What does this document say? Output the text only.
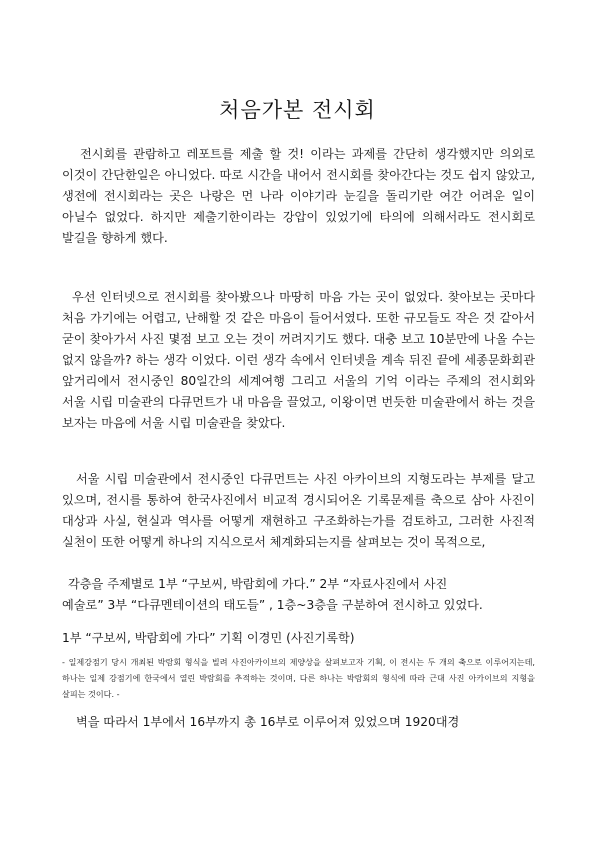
처음가본 전시회
전시회를 관람하고 레포트를 제출 할 것! 이라는 과제를 간단히 생각했지만 의외로 이것이 간단한일은 아니었다. 따로 시간을 내어서 전시회를 찾아간다는 것도 쉽지 않았고, 생전에 전시회라는 곳은 나랑은 먼 나라 이야기라 눈길을 돌리기란 여간 어려운 일이 아닐수 없었다. 하지만 제출기한이라는 강압이 있었기에 타의에 의해서라도 전시회로 발길을 향하게 했다.
우선 인터넷으로 전시회를 찾아봤으나 마땅히 마음 가는 곳이 없었다. 찾아보는 곳마다 처음 가기에는 어렵고, 난해할 것 같은 마음이 들어서였다. 또한 규모들도 작은 것 같아서 굳이 찾아가서 사진 몇점 보고 오는 것이 꺼려지기도 했다. 대충 보고 10분만에 나올 수는 없지 않을까? 하는 생각 이었다. 이런 생각 속에서 인터넷을 계속 뒤진 끝에 세종문화회관 앞거리에서 전시중인 80일간의 세계여행 그리고 서울의 기억 이라는 주제의 전시회와 서울 시립 미술관의 다큐먼트가 내 마음을 끌었고, 이왕이면 번듯한 미술관에서 하는 것을 보자는 마음에 서울 시립 미술관을 찾았다.
서울 시립 미술관에서 전시중인 다큐먼트는 사진 아카이브의 지형도라는 부제를 달고 있으며, 전시를 통하여 한국사진에서 비교적 경시되어온 기록문제를 축으로 삼아 사진이 대상과 사실, 현실과 역사를 어떻게 재현하고 구조화하는가를 검토하고, 그러한 사진적 실천이 또한 어떻게 하나의 지식으로서 체계화되는지를 살펴보는 것이 목적으로,
각층을 주제별로 1부 “구보씨, 박람회에 가다.” 2부 “자료사진에서 사진
예술로” 3부 “다큐멘테이션의 태도들” , 1층~3층을 구분하여 전시하고 있었다.
1부 “구보씨, 박람회에 가다” 기획 이경민 (사진기록학)
- 일제강점기 당시 개최된 박람회 형식을 빌려 사진아카이브의 제양상을 살펴보고자 기획, 이 전시는 두 개의 축으로 이루어지는데, 하나는 일제 강점기에 한국에서 열린 박람회를 추적하는 것이며, 다른 하나는 박람회의 형식에 따라 근대 사진 아카이브의 지형을 살피는 것이다. -
벽을 따라서 1부에서 16부까지 총 16부로 이루어져 있었으며 1920대경
